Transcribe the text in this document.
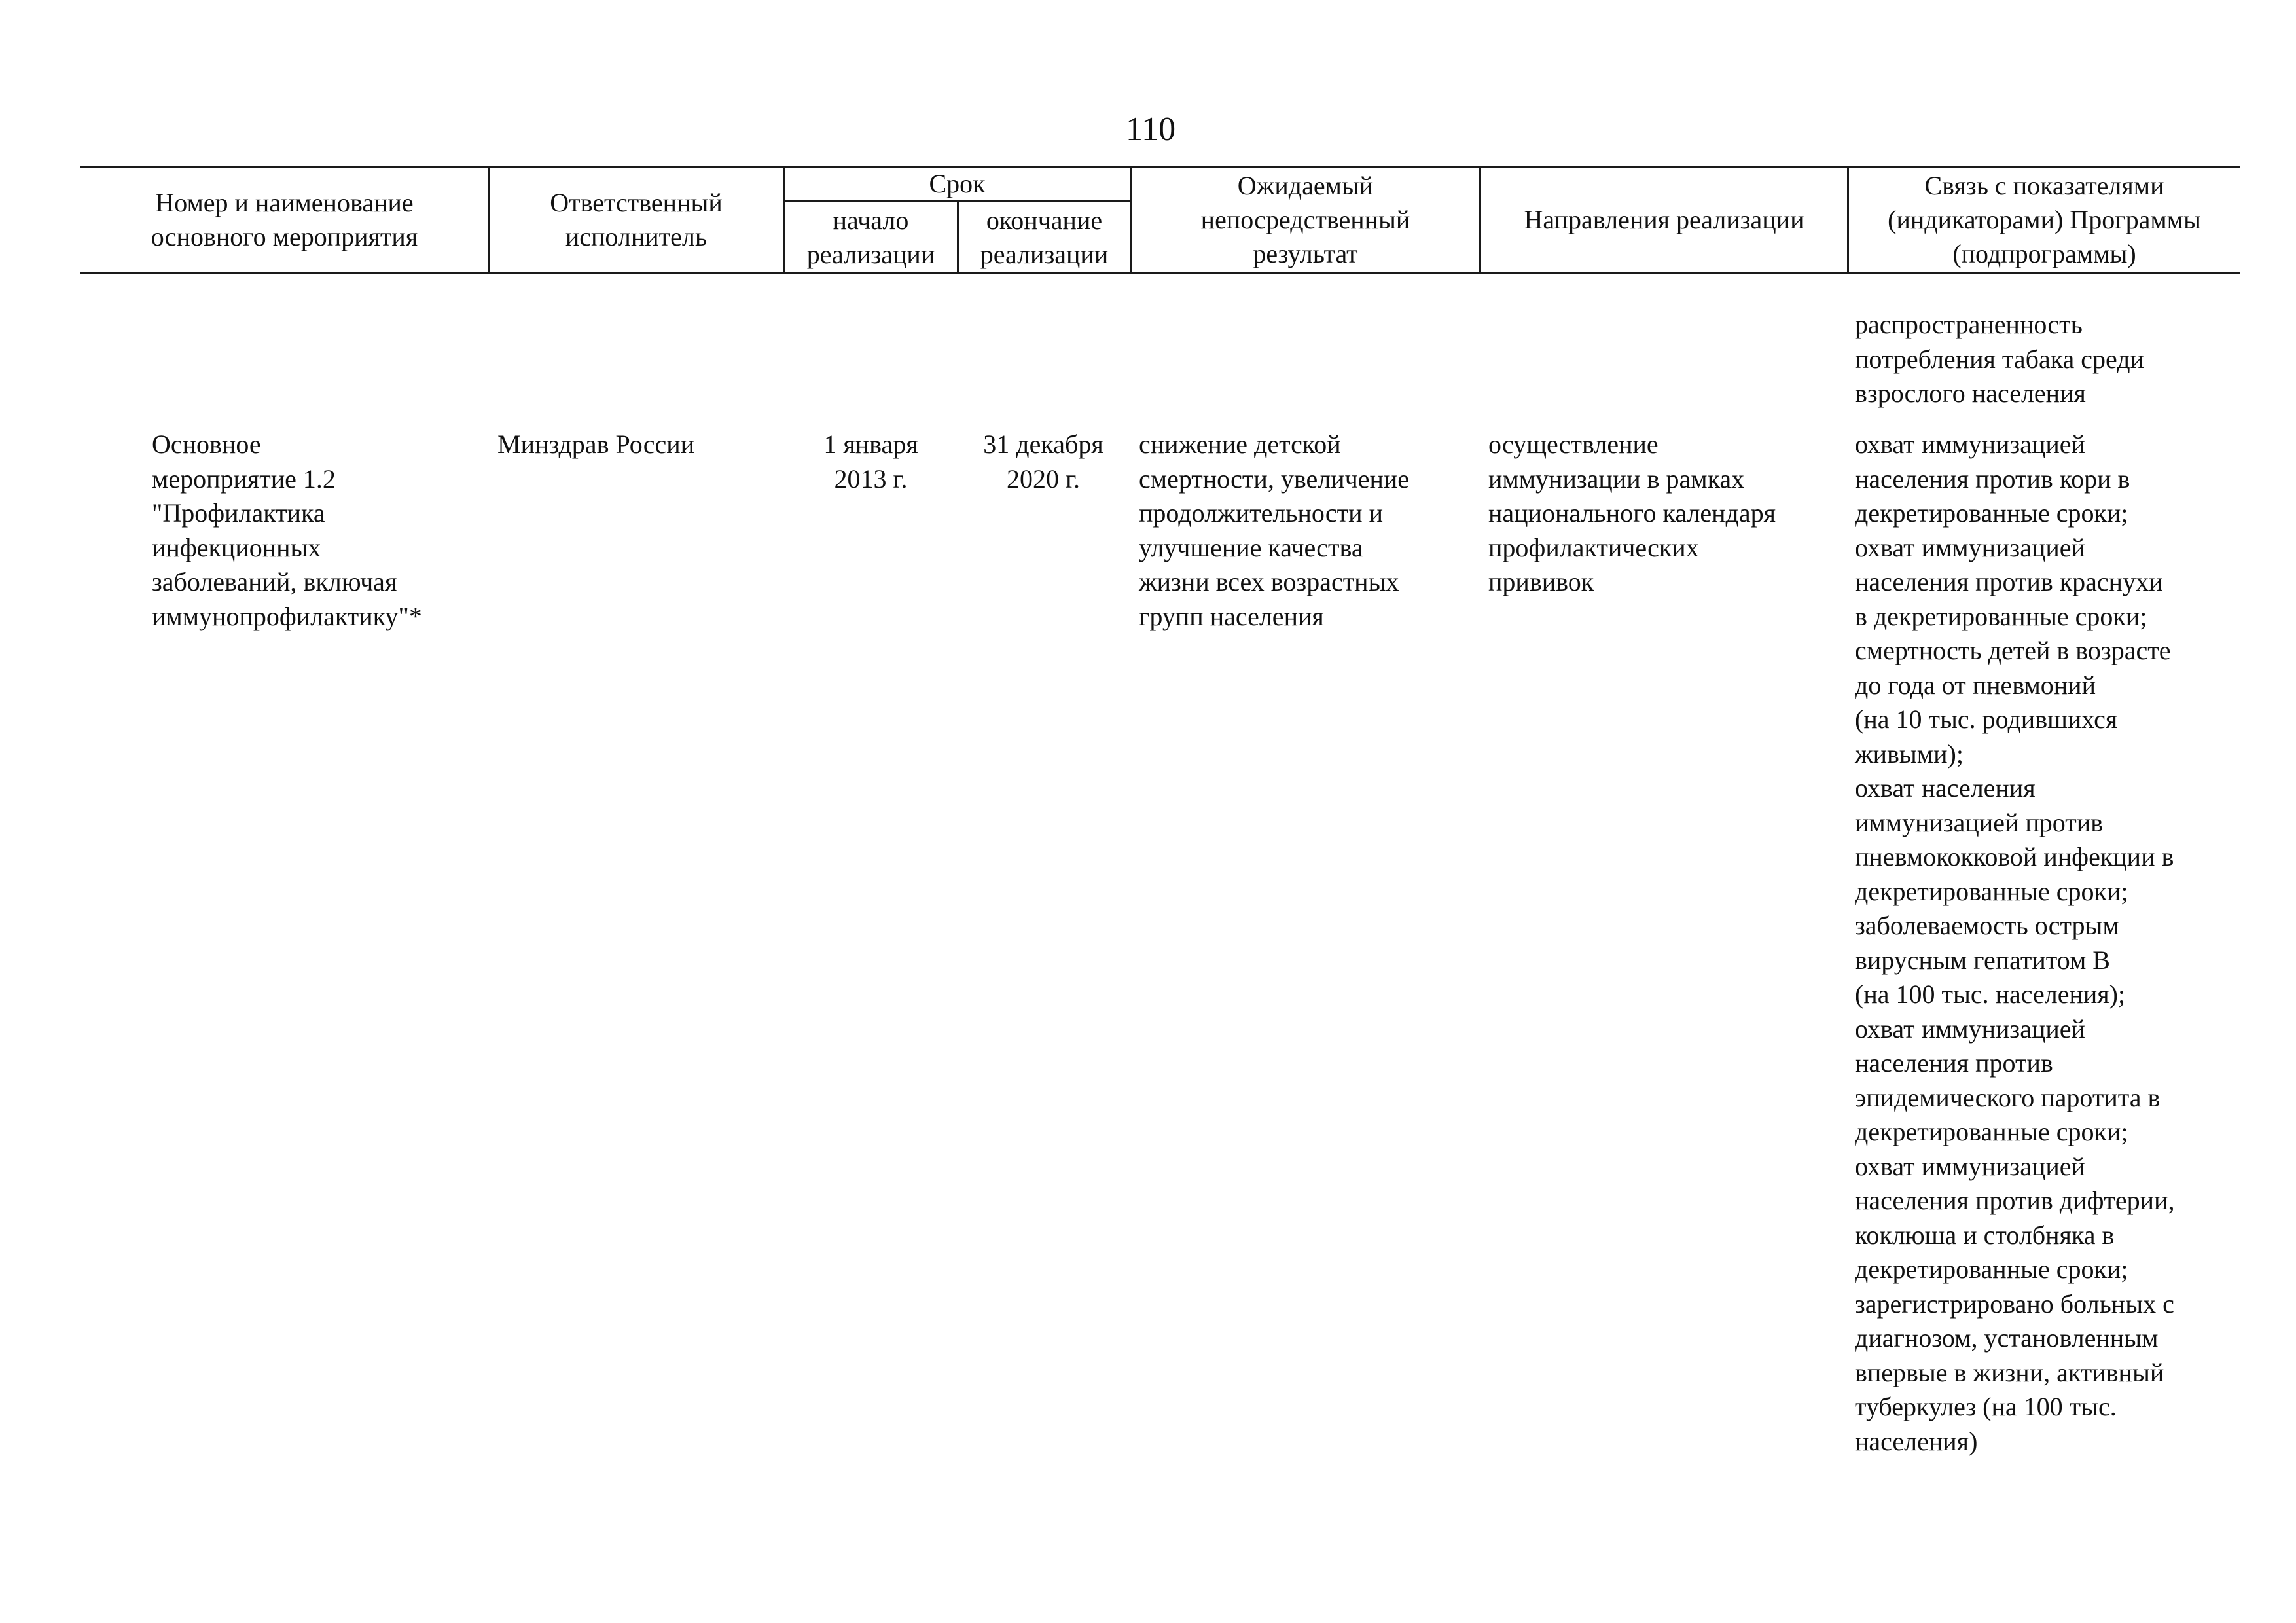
110
Номер и наименование
основного мероприятия
Ответственный
исполнитель
Срок
начало
реализации
окончание
реализации
Ожидаемый
непосредственный
результат
Направления реализации
Связь с показателями
(индикаторами) Программы
(подпрограммы)
распространенность
потребления табака среди
взрослого населения
Основное
мероприятие 1.2
"Профилактика
инфекционных
заболеваний, включая
иммунопрофилактику"*
Минздрав России	1 января
2013 г.
31 декабря
2020 г.
снижение детской
смертности, увеличение
продолжительности и
улучшение качества
жизни всех возрастных
групп населения
осуществление
иммунизации в рамках
национального календаря
профилактических
прививок
охват иммунизацией
населения против кори в
декретированные сроки;
охват иммунизацией
населения против краснухи
в декретированные сроки;
смертность детей в возрасте
до года от пневмоний
(на 10 тыс. родившихся
живыми);
охват населения
иммунизацией против
пневмококковой инфекции в
декретированные сроки;
заболеваемость острым
вирусным гепатитом В
(на 100 тыс. населения);
охват иммунизацией
населения против
эпидемического паротита в
декретированные сроки;
охват иммунизацией
населения против дифтерии,
коклюша и столбняка в
декретированные сроки;
зарегистрировано больных с
диагнозом, установленным
впервые в жизни, активный
туберкулез (на 100 тыс.
населения)
